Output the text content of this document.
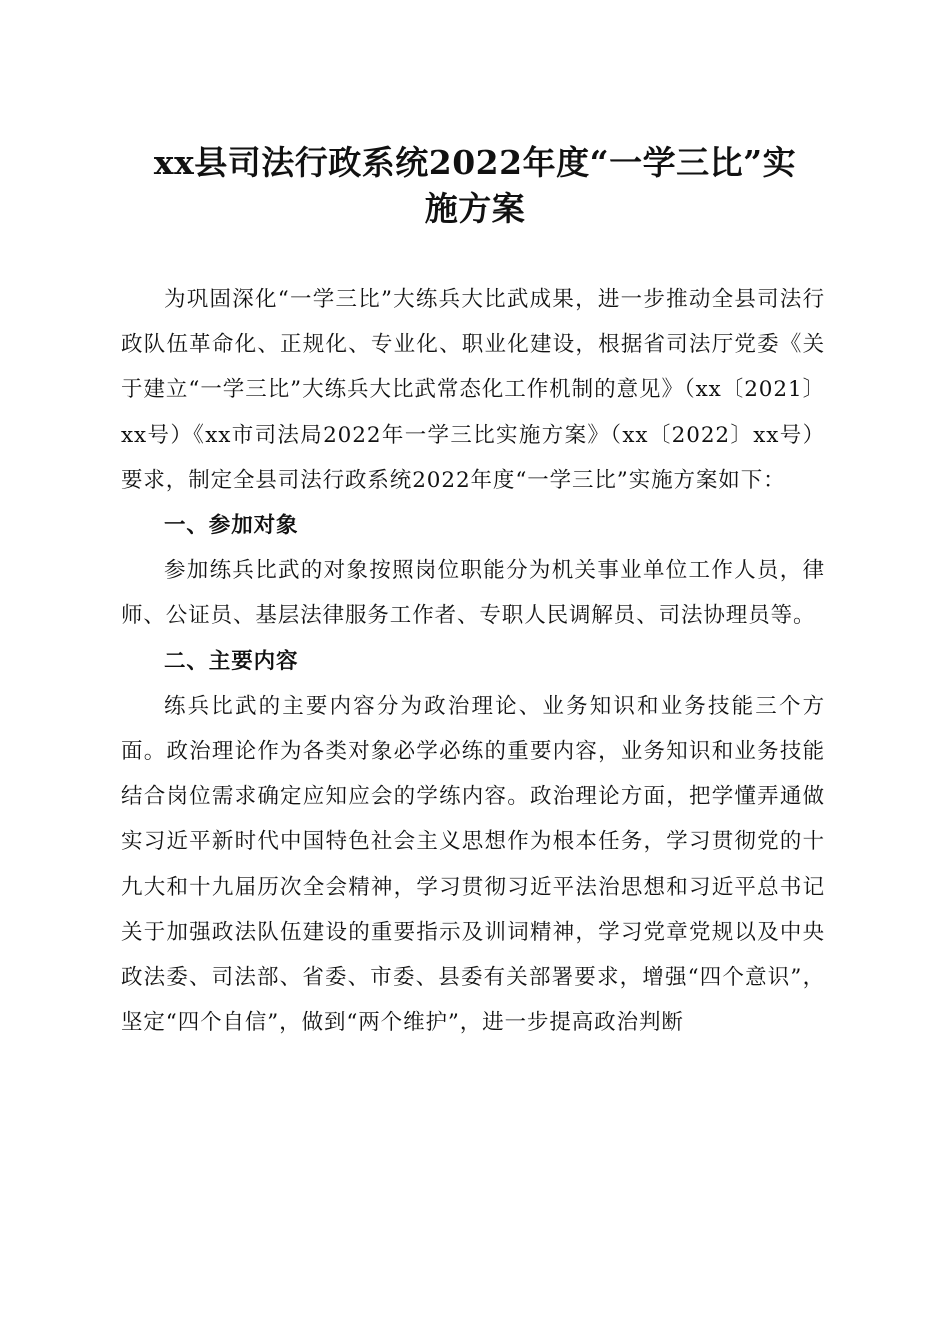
xx县司法行政系统2022年度“一学三比”实
施方案

为巩固深化“一学三比”大练兵大比武成果，进一步推动全县司法行政队伍革命化、正规化、专业化、职业化建设，根据省司法厅党委《关于建立“一学三比”大练兵大比武常态化工作机制的意见》（xx〔2021〕xx号）《xx市司法局2022年一学三比实施方案》（xx〔2022〕xx号）要求，制定全县司法行政系统2022年度“一学三比”实施方案如下：

一、参加对象

参加练兵比武的对象按照岗位职能分为机关事业单位工作人员，律师、公证员、基层法律服务工作者、专职人民调解员、司法协理员等。

二、主要内容

练兵比武的主要内容分为政治理论、业务知识和业务技能三个方面。政治理论作为各类对象必学必练的重要内容，业务知识和业务技能结合岗位需求确定应知应会的学练内容。政治理论方面，把学懂弄通做实习近平新时代中国特色社会主义思想作为根本任务，学习贯彻党的十九大和十九届历次全会精神，学习贯彻习近平法治思想和习近平总书记关于加强政法队伍建设的重要指示及训词精神，学习党章党规以及中央政法委、司法部、省委、市委、县委有关部署要求，增强“四个意识”，坚定“四个自信”，做到“两个维护”，进一步提高政治判断
